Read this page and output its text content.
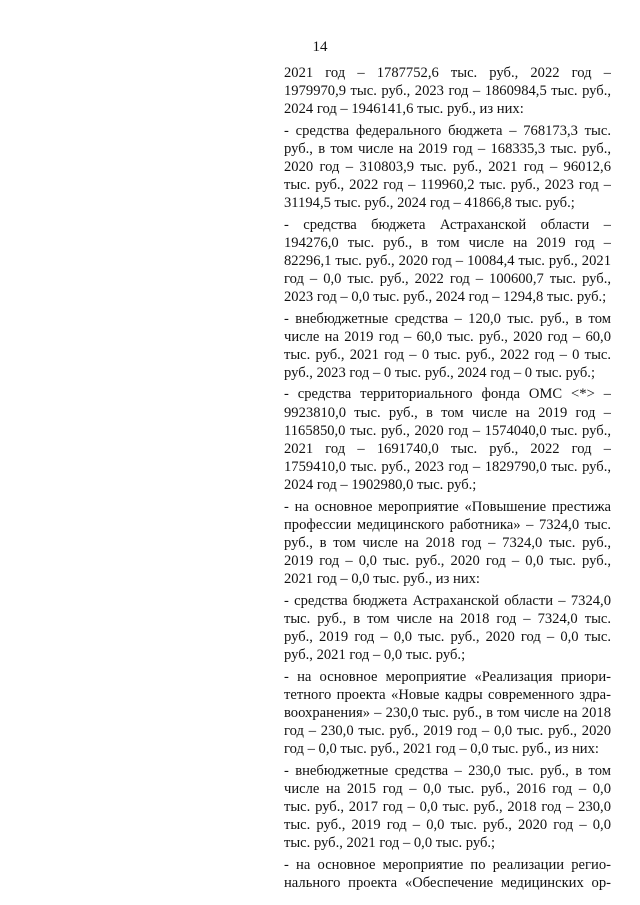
14
2021 год – 1787752,6 тыс. руб., 2022 год –
1979970,9 тыс. руб., 2023 год – 1860984,5 тыс. руб.,
2024 год – 1946141,6 тыс. руб., из них:
- средства федерального бюджета – 768173,3 тыс.
руб., в том числе на 2019 год – 168335,3 тыс. руб.,
2020 год – 310803,9 тыс. руб., 2021 год – 96012,6
тыс. руб., 2022 год – 119960,2 тыс. руб., 2023 год –
31194,5 тыс. руб., 2024 год – 41866,8 тыс. руб.;
- средства бюджета Астраханской области –
194276,0 тыс. руб., в том числе на 2019 год –
82296,1 тыс. руб., 2020 год – 10084,4 тыс. руб., 2021
год – 0,0 тыс. руб., 2022 год – 100600,7 тыс. руб.,
2023 год – 0,0 тыс. руб., 2024 год – 1294,8 тыс. руб.;
- внебюджетные средства – 120,0 тыс. руб., в том
числе на 2019 год – 60,0 тыс. руб., 2020 год – 60,0
тыс. руб., 2021 год – 0 тыс. руб., 2022 год – 0 тыс.
руб., 2023 год – 0 тыс. руб., 2024 год – 0 тыс. руб.;
- средства территориального фонда ОМС <*> –
9923810,0 тыс. руб., в том числе на 2019 год –
1165850,0 тыс. руб., 2020 год – 1574040,0 тыс. руб.,
2021 год – 1691740,0 тыс. руб., 2022 год –
1759410,0 тыс. руб., 2023 год – 1829790,0 тыс. руб.,
2024 год – 1902980,0 тыс. руб.;
- на основное мероприятие «Повышение престижа
профессии медицинского работника» – 7324,0 тыс.
руб., в том числе на 2018 год – 7324,0 тыс. руб.,
2019 год – 0,0 тыс. руб., 2020 год – 0,0 тыс. руб.,
2021 год – 0,0 тыс. руб., из них:
- средства бюджета Астраханской области – 7324,0
тыс. руб., в том числе на 2018 год – 7324,0 тыс.
руб., 2019 год – 0,0 тыс. руб., 2020 год – 0,0 тыс.
руб., 2021 год – 0,0 тыс. руб.;
- на основное мероприятие «Реализация приори-
тетного проекта «Новые кадры современного здра-
воохранения» – 230,0 тыс. руб., в том числе на 2018
год – 230,0 тыс. руб., 2019 год – 0,0 тыс. руб., 2020
год – 0,0 тыс. руб., 2021 год – 0,0 тыс. руб., из них:
- внебюджетные средства – 230,0 тыс. руб., в том
числе на 2015 год – 0,0 тыс. руб., 2016 год – 0,0
тыс. руб., 2017 год – 0,0 тыс. руб., 2018 год – 230,0
тыс. руб., 2019 год – 0,0 тыс. руб., 2020 год – 0,0
тыс. руб., 2021 год – 0,0 тыс. руб.;
- на основное мероприятие по реализации регио-
нального проекта «Обеспечение медицинских ор-
